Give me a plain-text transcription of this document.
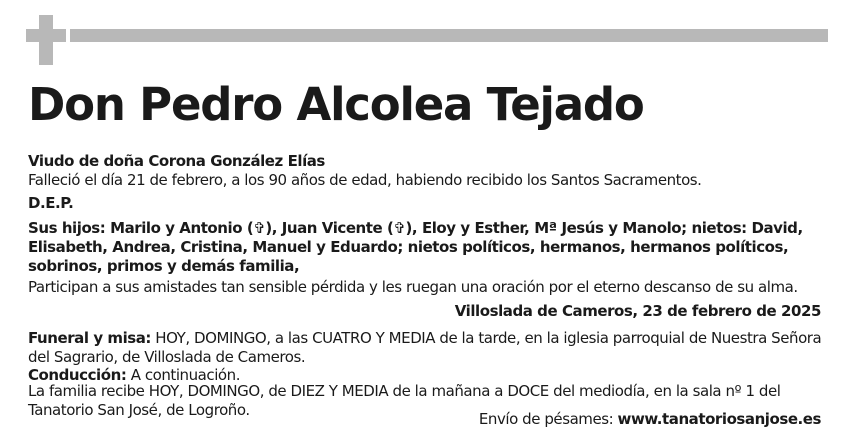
Don Pedro Alcolea Tejado
Viudo de doña Corona González Elías
Falleció el día 21 de febrero, a los 90 años de edad, habiendo recibido los Santos Sacramentos.
D.E.P.
Sus hijos: Marilo y Antonio (✞), Juan Vicente (✞), Eloy y Esther, Mª Jesús y Manolo; nietos: David, Elisabeth, Andrea, Cristina, Manuel y Eduardo; nietos políticos, hermanos, hermanos políticos, sobrinos, primos y demás familia,
Participan a sus amistades tan sensible pérdida y les ruegan una oración por el eterno descanso de su alma.
Villoslada de Cameros, 23 de febrero de 2025
Funeral y misa: HOY, DOMINGO, a las CUATRO Y MEDIA de la tarde, en la iglesia parroquial de Nuestra Señora del Sagrario, de Villoslada de Cameros.
Conducción: A continuación.
La familia recibe HOY, DOMINGO, de DIEZ Y MEDIA de la mañana a DOCE del mediodía, en la sala nº 1 del Tanatorio San José, de Logroño.	Envío de pésames: www.tanatoriosanjose.es
